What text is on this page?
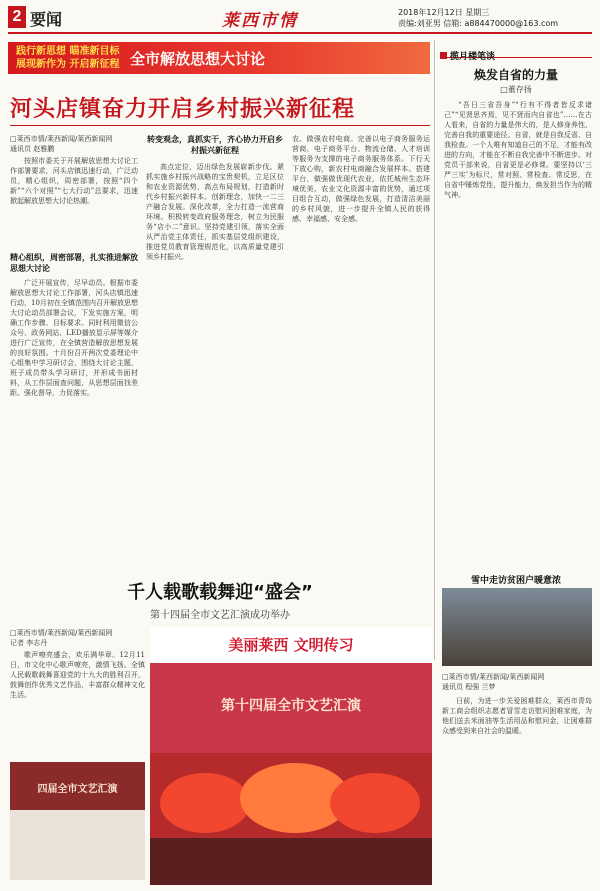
2 要闻	莱西市情	2018年12月12日 星期三
责编:刘亚男 信箱: a884470000@163.com
践行新思想 瞄准新目标
展现新作为 开启新征程 全市解放思想大讨论	揽月楼笔谈
焕发自省的力量
□董存扬
“吾日三省吾身”“行有不得者皆反求诸己”“见贤思齐焉，见不贤而内自省也”……在古人看来，自省的力量是伟大的，是人修身养性、完善自我的重要途径。自省，就是自我反省、自我检查。一个人唯有知道自己的不足，才能有改进的方向，才能在不断自我完善中不断进步。对党员干部来说，自省更是必修课。要坚持以‘三严三实’为标尺，常对照、常检查、常反思，在自省中锤炼党性，提升能力，焕发担当作为的精气神。
河头店镇奋力开启乡村振兴新征程
□莱西市情/莱西新闻/莱西新闻网
通讯员 赵雅鹏
按照市委关于开展解放思想大讨论工作部署要求，河头店镇迅速行动，广泛动员，精心组织，周密部署，按照“四个新”“六个对照”“七大行动”总要求，迅速掀起解放思想大讨论热潮。
精心组织，周密部署，扎实推进解放思想大讨论
广泛开展宣传，尽早动员。根据市委解放思想大讨论工作部署，河头店镇迅速行动，10月初在全镇范围内召开解放思想大讨论动员部署会议，下发实施方案，明确工作步骤、目标要求。同时利用微信公众号、政务网站、LED播放显示屏等媒介进行广泛宣传，在全镇营造解放思想发展的良好氛围。十月份召开两次党委理论中心组集中学习研讨会，围绕大讨论主题，班子成员带头学习研讨，并形成书面材料，从工作层面查问题，从思想层面找差距。强化督导，力促落实。
转变观念，真抓实干，齐心协力开启乡村振兴新征程
高点定位，迈出绿色发展崭新步伐。紧抓实施乡村振兴战略的宝贵契机，立足区位和农业资源优势，高点布局规划，打造新时代乡村振兴新样本。创新理念，加快一二三产融合发展。深化改革，全力打造一流营商环境。积极转变政府服务理念，树立为民服务“店小二”意识。坚持党建引领，落实全面从严治党主体责任，抓实基层党组织建设，推进党员教育管理规范化，以高质量党建引领乡村振兴。
农、做强农村电商。完善以电子商务服务运营商、电子商务平台、物流仓储、人才培训等服务为支撑的电子商务服务体系。下行天下放心购，新农村电商融合发展样本。搭建平台，做强做优现代农业，依托城州生态环境优美、农业文化资源丰富的优势，通过项目组合互动，做强绿色发展，打造清洁美丽的乡村风貌，进一步提升全镇人民的获得感、幸福感、安全感。
千人载歌载舞迎“盛会”
第十四届全市文艺汇演成功举办
□莱西市情/莱西新闻/莱西新闻网
记者 李志丹
歌声嘹亮盛会，欢乐满华章。12月11日，市文化中心歌声嘹亮，激情飞扬。全镇人民载歌载舞喜迎党的十九大的胜利召开，鼓舞创作优秀文艺作品，丰富群众精神文化生活。
美丽莱西 文明传习
第十四届全市文艺汇演
四届全市文艺汇演
雪中走访贫困户暖意浓
□莱西市情/莱西新闻/莱西新闻网
通讯员 程强 兰梦
日前，为进一步关爱困难群众，莱西市青岛新工商会组织志愿者冒雪走访慰问困难家庭，为他们送去米面油等生活用品和慰问金，让困难群众感受到来自社会的温暖。
